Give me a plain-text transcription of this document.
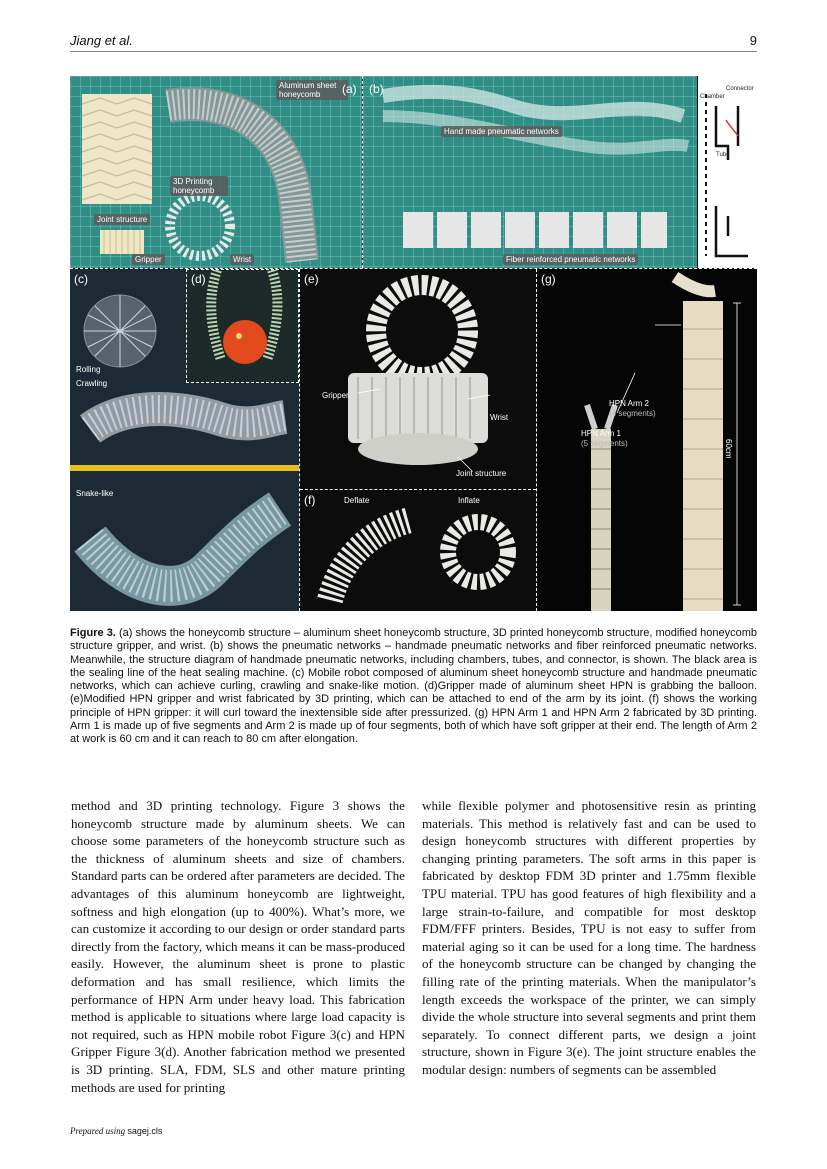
Jiang et al.	9
Aluminum sheet honeycomb
3D Printing honeycomb
Joint structure
Gripper	Wrist
(a)
Hand made pneumatic networks
Fiber reinforced pneumatic networks
(b)	Connector
Chamber
Tube
Rolling
Crawling
Snake-like
(c)	(d)
Gripper
Wrist
Joint structure
(e)
Deflate	Inflate
(f)
HPN Arm 2
(4 segments)
HPN Arm 1
(5 segments)	60cm
(g)

Figure 3. (a) shows the honeycomb structure – aluminum sheet honeycomb structure, 3D printed honeycomb structure, modified honeycomb structure gripper, and wrist. (b) shows the pneumatic networks – handmade pneumatic networks and fiber reinforced pneumatic networks. Meanwhile, the structure diagram of handmade pneumatic networks, including chambers, tubes, and connector, is shown. The black area is the sealing line of the heat sealing machine. (c) Mobile robot composed of aluminum sheet honeycomb structure and handmade pneumatic networks, which can achieve curling, crawling and snake-like motion. (d)Gripper made of aluminum sheet HPN is grabbing the balloon.(e)Modified HPN gripper and wrist fabricated by 3D printing, which can be attached to end of the arm by its joint. (f) shows the working principle of HPN gripper: it will curl toward the inextensible side after pressurized. (g) HPN Arm 1 and HPN Arm 2 fabricated by 3D printing. Arm 1 is made up of five segments and Arm 2 is made up of four segments, both of which have soft gripper at their end. The length of Arm 2 at work is 60 cm and it can reach to 80 cm after elongation.

method and 3D printing technology. Figure 3 shows the honeycomb structure made by aluminum sheets. We can choose some parameters of the honeycomb structure such as the thickness of aluminum sheets and size of chambers. Standard parts can be ordered after parameters are decided. The advantages of this aluminum honeycomb are lightweight, softness and high elongation (up to 400%). What’s more, we can customize it according to our design or order standard parts directly from the factory, which means it can be mass-produced easily. However, the aluminum sheet is prone to plastic deformation and has small resilience, which limits the performance of HPN Arm under heavy load. This fabrication method is applicable to situations where large load capacity is not required, such as HPN mobile robot Figure 3(c) and HPN Gripper Figure 3(d). Another fabrication method we presented is 3D printing. SLA, FDM, SLS and other mature printing methods are used for printing

while flexible polymer and photosensitive resin as printing materials. This method is relatively fast and can be used to design honeycomb structures with different properties by changing printing parameters. The soft arms in this paper is fabricated by desktop FDM 3D printer and 1.75mm flexible TPU material. TPU has good features of high flexibility and a large strain-to-failure, and compatible for most desktop FDM/FFF printers. Besides, TPU is not easy to suffer from material aging so it can be used for a long time. The hardness of the honeycomb structure can be changed by changing the filling rate of the printing materials. When the manipulator’s length exceeds the workspace of the printer, we can simply divide the whole structure into several segments and print them separately. To connect different parts, we design a joint structure, shown in Figure 3(e). The joint structure enables the modular design: numbers of segments can be assembled

Prepared using sagej.cls
